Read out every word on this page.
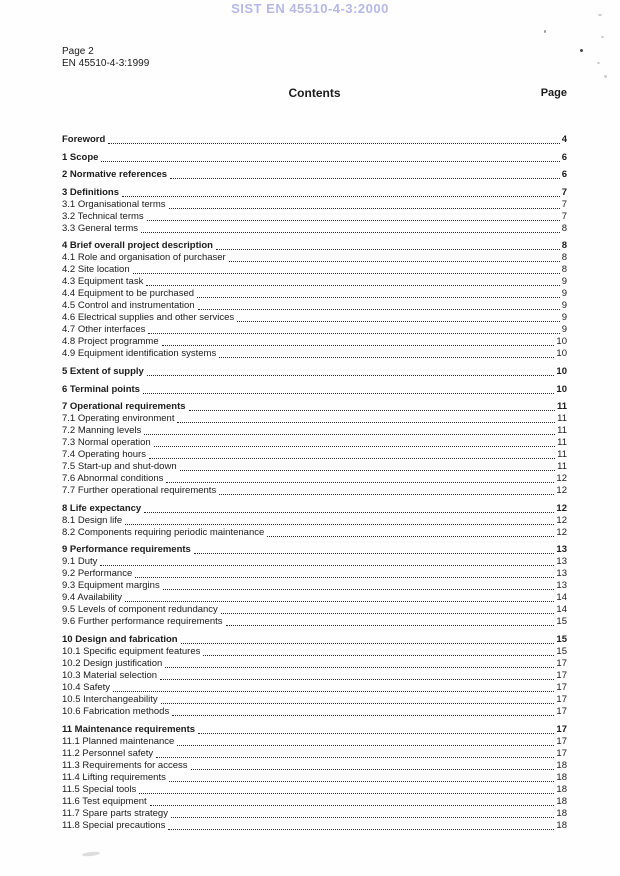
SIST EN 45510-4-3:2000
Page 2
EN 45510-4-3:1999
Contents	Page
Foreword	4
1 Scope	6
2 Normative references	6
3 Definitions	7
3.1 Organisational terms	7
3.2 Technical terms	7
3.3 General terms	8
4 Brief overall project description	8
4.1 Role and organisation of purchaser	8
4.2 Site location	8
4.3 Equipment task	9
4.4 Equipment to be purchased	9
4.5 Control and instrumentation	9
4.6 Electrical supplies and other services	9
4.7 Other interfaces	9
4.8 Project programme	10
4.9 Equipment identification systems	10
5 Extent of supply	10
6 Terminal points	10
7 Operational requirements	11
7.1 Operating environment	11
7.2 Manning levels	11
7.3 Normal operation	11
7.4 Operating hours	11
7.5 Start-up and shut-down	11
7.6 Abnormal conditions	12
7.7 Further operational requirements	12
8 Life expectancy	12
8.1 Design life	12
8.2 Components requiring periodic maintenance	12
9 Performance requirements	13
9.1 Duty	13
9.2 Performance	13
9.3 Equipment margins	13
9.4 Availability	14
9.5 Levels of component redundancy	14
9.6 Further performance requirements	15
10 Design and fabrication	15
10.1 Specific equipment features	15
10.2 Design justification	17
10.3 Material selection	17
10.4 Safety	17
10.5 Interchangeability	17
10.6 Fabrication methods	17
11 Maintenance requirements	17
11.1 Planned maintenance	17
11.2 Personnel safety	17
11.3 Requirements for access	18
11.4 Lifting requirements	18
11.5 Special tools	18
11.6 Test equipment	18
11.7 Spare parts strategy	18
11.8 Special precautions	18
